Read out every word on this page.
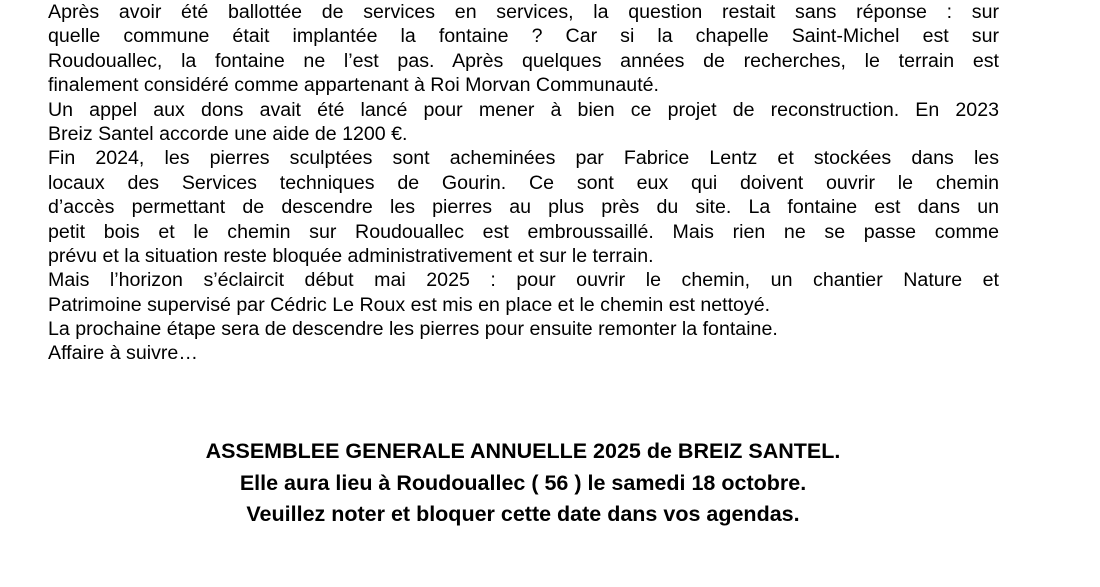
Après avoir été ballottée de services en services, la question restait sans réponse : sur
quelle commune était implantée la fontaine ? Car si la chapelle Saint-Michel est sur
Roudouallec, la fontaine ne l’est pas. Après quelques années de recherches, le terrain est
finalement considéré comme appartenant à Roi Morvan Communauté.
Un appel aux dons avait été lancé pour mener à bien ce projet de reconstruction. En 2023
Breiz Santel accorde une aide de 1200 €.
Fin 2024, les pierres sculptées sont acheminées par Fabrice Lentz et stockées dans les
locaux des Services techniques de Gourin. Ce sont eux qui doivent ouvrir le chemin
d’accès permettant de descendre les pierres au plus près du site. La fontaine est dans un
petit bois et le chemin sur Roudouallec est embroussaillé. Mais rien ne se passe comme
prévu et la situation reste bloquée administrativement et sur le terrain.
Mais l’horizon s’éclaircit début mai 2025 : pour ouvrir le chemin, un chantier Nature et
Patrimoine supervisé par Cédric Le Roux est mis en place et le chemin est nettoyé.
La prochaine étape sera de descendre les pierres pour ensuite remonter la fontaine.
Affaire à suivre…
ASSEMBLEE GENERALE ANNUELLE 2025 de BREIZ SANTEL.
Elle aura lieu à Roudouallec ( 56 ) le samedi 18 octobre.
Veuillez noter et bloquer cette date dans vos agendas.
